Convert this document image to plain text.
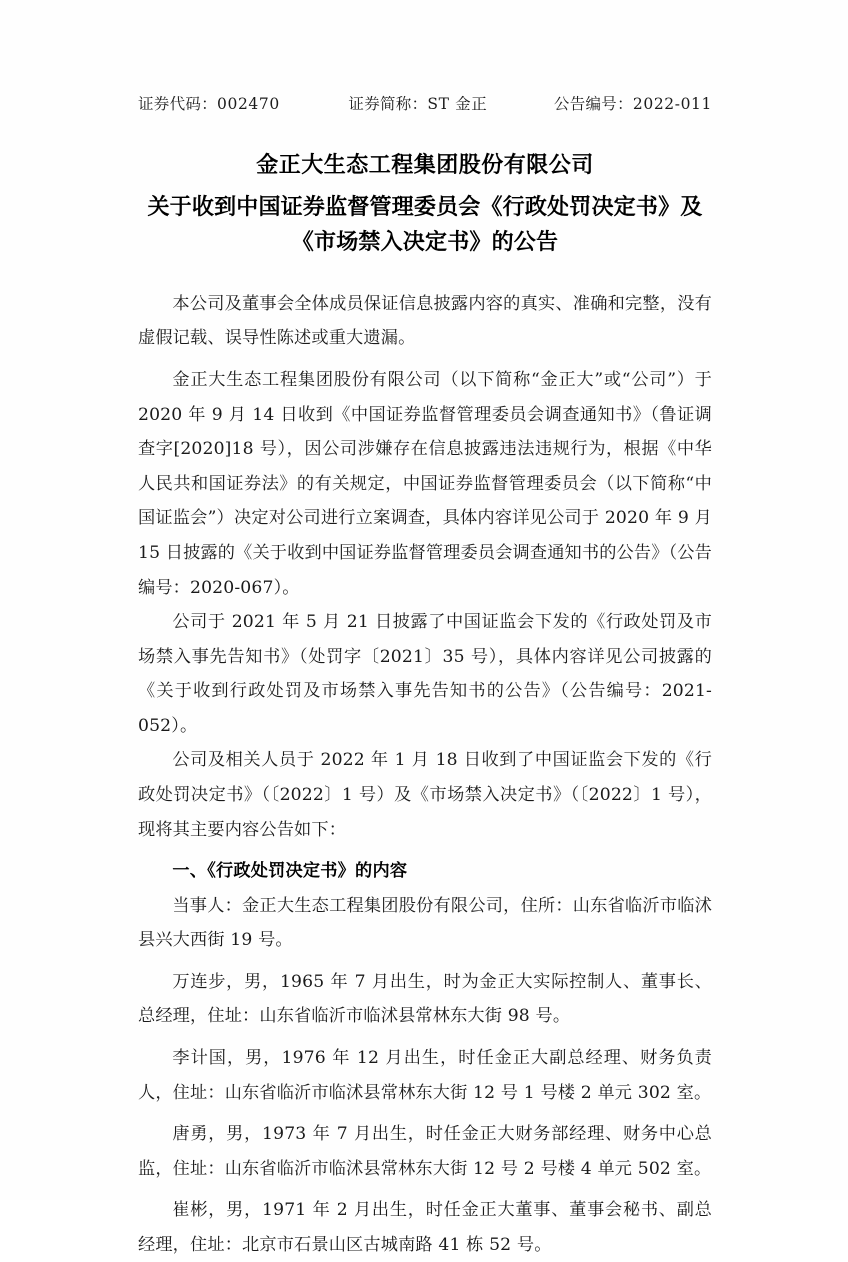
证券代码：002470	证券简称：ST 金正	公告编号：2022-011
金正大生态工程集团股份有限公司
关于收到中国证券监督管理委员会《行政处罚决定书》及《市场禁入决定书》的公告

本公司及董事会全体成员保证信息披露内容的真实、准确和完整，没有虚假记载、误导性陈述或重大遗漏。

金正大生态工程集团股份有限公司（以下简称“金正大”或“公司”）于 2020 年 9 月 14 日收到《中国证券监督管理委员会调查通知书》（鲁证调查字[2020]18 号），因公司涉嫌存在信息披露违法违规行为，根据《中华人民共和国证券法》的有关规定，中国证券监督管理委员会（以下简称“中国证监会”）决定对公司进行立案调查，具体内容详见公司于 2020 年 9 月 15 日披露的《关于收到中国证券监督管理委员会调查通知书的公告》（公告编号：2020-067）。

公司于 2021 年 5 月 21 日披露了中国证监会下发的《行政处罚及市场禁入事先告知书》（处罚字〔2021〕35 号），具体内容详见公司披露的《关于收到行政处罚及市场禁入事先告知书的公告》（公告编号：2021-052）。

公司及相关人员于 2022 年 1 月 18 日收到了中国证监会下发的《行政处罚决定书》（〔2022〕1 号）及《市场禁入决定书》（〔2022〕1 号），现将其主要内容公告如下：

一、《行政处罚决定书》的内容

当事人：金正大生态工程集团股份有限公司，住所：山东省临沂市临沭县兴大西街 19 号。

万连步，男，1965 年 7 月出生，时为金正大实际控制人、董事长、总经理，住址：山东省临沂市临沭县常林东大街 98 号。

李计国，男，1976 年 12 月出生，时任金正大副总经理、财务负责人，住址：山东省临沂市临沭县常林东大街 12 号 1 号楼 2 单元 302 室。

唐勇，男，1973 年 7 月出生，时任金正大财务部经理、财务中心总监，住址：山东省临沂市临沭县常林东大街 12 号 2 号楼 4 单元 502 室。

崔彬，男，1971 年 2 月出生，时任金正大董事、董事会秘书、副总经理，住址：北京市石景山区古城南路 41 栋 52 号。
